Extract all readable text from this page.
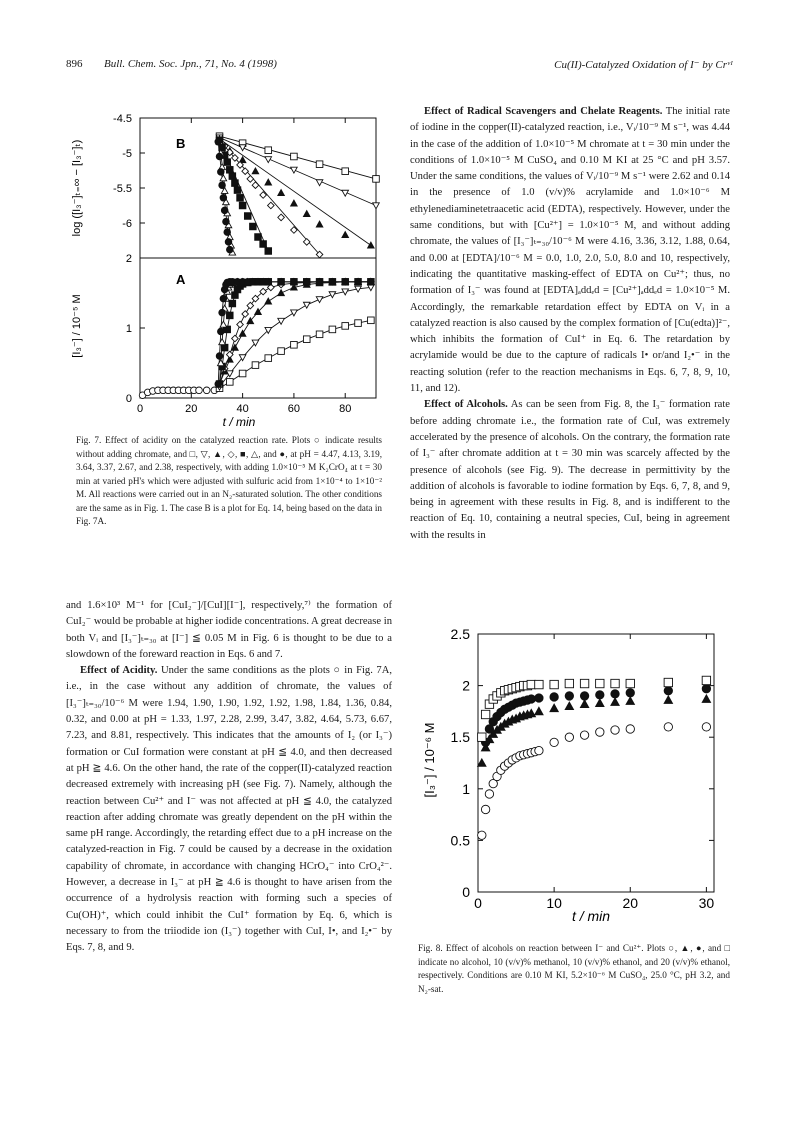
896 Bull. Chem. Soc. Jpn., 71, No. 4 (1998)	Cu(II)-Catalyzed Oxidation of I⁻ by Crᵛᴵ
B
A
log ([I₃⁻]ₜ₌∞ − [I₃⁻]ₜ)
[I₃⁻] / 10⁻⁵ M
t / min
-4.5
-5
-5.5
-6
2
1
0
0	20	40	60	80
Fig. 7. Effect of acidity on the catalyzed reaction rate. Plots ○ indicate results without adding chromate, and □, ▽, ▲, ◇, ■, △, and ●, at pH = 4.47, 4.13, 3.19, 3.64, 3.37, 2.67, and 2.38, respectively, with adding 1.0×10⁻⁵ M K₂CrO₄ at t = 30 min at varied pH's which were adjusted with sulfuric acid from 1×10⁻⁴ to 1×10⁻² M. All reactions were carried out in an N₂-saturated solution. The other conditions are the same as in Fig. 1. The case B is a plot for Eq. 14, being based on the data in Fig. 7A.

and 1.6×10³ M⁻¹ for [CuI₂⁻]/[CuI][I⁻], respectively,⁷⁾ the formation of CuI₂⁻ would be probable at higher iodide concentrations. A great decrease in both Vᵢ and [I₃⁻]ₜ₌₃₀ at [I⁻] ≦ 0.05 M in Fig. 6 is thought to be due to a slowdown of the foreward reaction in Eqs. 6 and 7.

Effect of Acidity. Under the same conditions as the plots ○ in Fig. 7A, i.e., in the case without any addition of chromate, the values of [I₃⁻]ₜ₌₃₀/10⁻⁶ M were 1.94, 1.90, 1.90, 1.92, 1.92, 1.98, 1.84, 1.36, 0.84, 0.32, and 0.00 at pH = 1.33, 1.97, 2.28, 2.99, 3.47, 3.82, 4.64, 5.73, 6.67, 7.23, and 8.81, respectively. This indicates that the amounts of I₂ (or I₃⁻) formation or CuI formation were constant at pH ≦ 4.0, and then decreased at pH ≧ 4.6. On the other hand, the rate of the copper(II)-catalyzed reaction decreased extremely with increasing pH (see Fig. 7). Namely, although the reaction between Cu²⁺ and I⁻ was not affected at pH ≦ 4.0, the catalyzed reaction after adding chromate was greatly dependent on the pH within the same pH range. Accordingly, the retarding effect due to a pH increase on the catalyzed-reaction in Fig. 7 could be caused by a decrease in the oxidation capability of chromate, in accordance with changing HCrO₄⁻ into CrO₄²⁻. However, a decrease in I₃⁻ at pH ≧ 4.6 is thought to have arisen from the occurrence of a hydrolysis reaction with forming such a species of Cu(OH)⁺, which could inhibit the CuI⁺ formation by Eq. 6, which is necessary to from the triiodide ion (I₃⁻) together with CuI, I•, and I₂•⁻ by Eqs. 7, 8, and 9.

Effect of Radical Scavengers and Chelate Reagents. The initial rate of iodine in the copper(II)-catalyzed reaction, i.e., Vᵢ/10⁻⁹ M s⁻¹, was 4.44 in the case of the addition of 1.0×10⁻⁵ M chromate at t = 30 min under the conditions of 1.0×10⁻⁵ M CuSO₄ and 0.10 M KI at 25 °C and pH 3.57. Under the same conditions, the values of Vᵢ/10⁻⁹ M s⁻¹ were 2.62 and 0.14 in the presence of 1.0 (v/v)% acrylamide and 1.0×10⁻⁶ M ethylenediaminetetraacetic acid (EDTA), respectively. However, under the same conditions, but with [Cu²⁺] = 1.0×10⁻⁵ M, and without adding chromate, the values of [I₃⁻]ₜ₌₃₀/10⁻⁶ M were 4.16, 3.36, 3.12, 1.88, 0.64, and 0.00 at [EDTA]/10⁻⁶ M = 0.0, 1.0, 2.0, 5.0, 8.0 and 10, respectively, indicating the quantitative masking-effect of EDTA on Cu²⁺; thus, no formation of I₃⁻ was found at [EDTA]ₐddₑd = [Cu²⁺]ₐddₑd = 1.0×10⁻⁵ M. Accordingly, the remarkable retardation effect by EDTA on Vᵢ in a catalyzed reaction is also caused by the complex formation of [Cu(edta)]²⁻, which inhibits the formation of CuI⁺ in Eq. 6. The retardation by acrylamide would be due to the capture of radicals I• or/and I₂•⁻ in the reacting solution (refer to the reaction mechanisms in Eqs. 6, 7, 8, 9, 10, 11, and 12).

Effect of Alcohols. As can be seen from Fig. 8, the I₃⁻ formation rate before adding chromate i.e., the formation rate of CuI, was extremely accelerated by the presence of alcohols. On the contrary, the formation rate of I₃⁻ after chromate addition at t = 30 min was scarcely affected by the presence of alcohols (see Fig. 9). The decrease in permittivity by the addition of alcohols is favorable to iodine formation by Eqs. 6, 7, 8, and 9, being in agreement with these results in Fig. 8, and is indifferent to the reaction of Eq. 10, containing a neutral species, CuI, being in agreement with the results in

[I₃⁻] / 10⁻⁶ M
t / min
2.5
2
1.5
1
0.5
0
0	10	20	30
Fig. 8. Effect of alcohols on reaction between I⁻ and Cu²⁺. Plots ○, ▲, ●, and □ indicate no alcohol, 10 (v/v)% methanol, 10 (v/v)% ethanol, and 20 (v/v)% ethanol, respectively. Conditions are 0.10 M KI, 5.2×10⁻⁶ M CuSO₄, 25.0 °C, pH 3.2, and N₂-sat.
